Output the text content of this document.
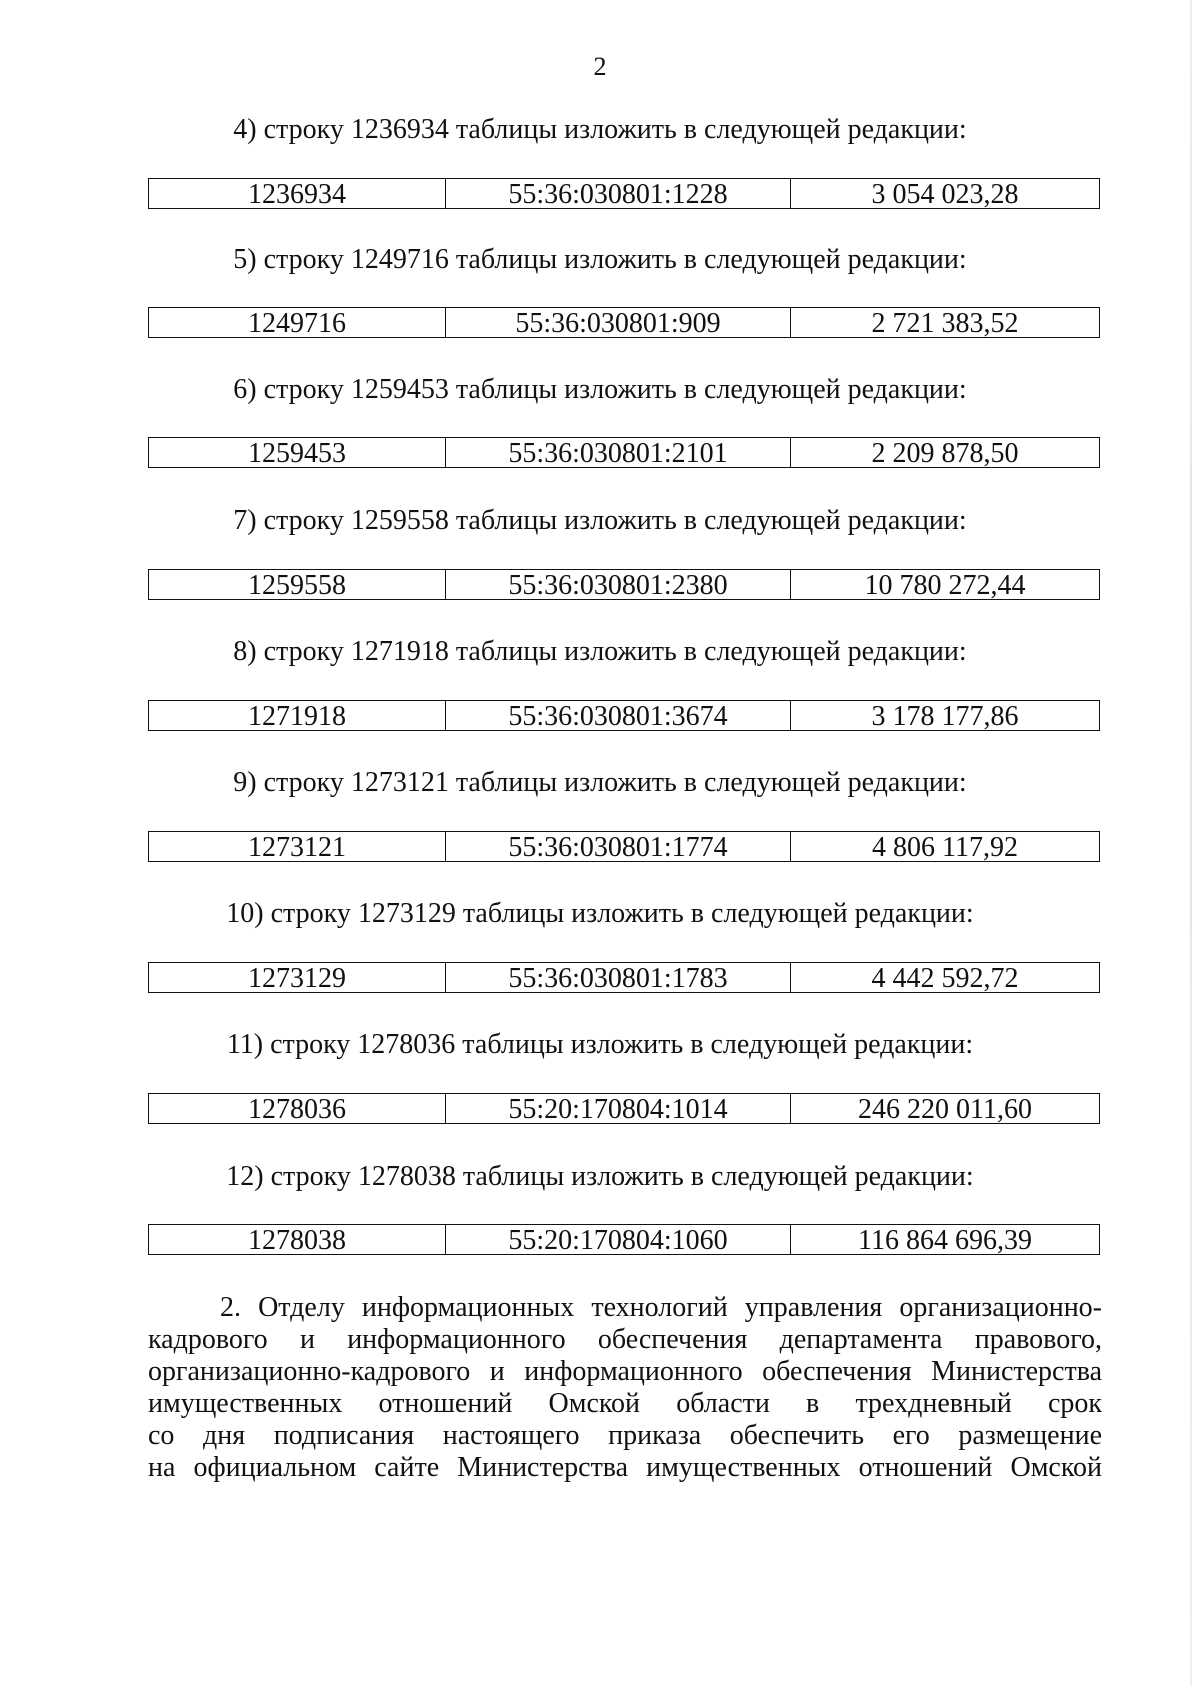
2
4) строку 1236934 таблицы изложить в следующей редакции:
1236934	55:36:030801:1228	3 054 023,28
5) строку 1249716 таблицы изложить в следующей редакции:
1249716	55:36:030801:909	2 721 383,52
6) строку 1259453 таблицы изложить в следующей редакции:
1259453	55:36:030801:2101	2 209 878,50
7) строку 1259558 таблицы изложить в следующей редакции:
1259558	55:36:030801:2380	10 780 272,44
8) строку 1271918 таблицы изложить в следующей редакции:
1271918	55:36:030801:3674	3 178 177,86
9) строку 1273121 таблицы изложить в следующей редакции:
1273121	55:36:030801:1774	4 806 117,92
10) строку 1273129 таблицы изложить в следующей редакции:
1273129	55:36:030801:1783	4 442 592,72
11) строку 1278036 таблицы изложить в следующей редакции:
1278036	55:20:170804:1014	246 220 011,60
12) строку 1278038 таблицы изложить в следующей редакции:
1278038	55:20:170804:1060	116 864 696,39
2. Отделу информационных технологий управления организационно-
кадрового и информационного обеспечения департамента правового,
организационно-кадрового и информационного обеспечения Министерства
имущественных отношений Омской области в трехдневный срок
со дня подписания настоящего приказа обеспечить его размещение
на официальном сайте Министерства имущественных отношений Омской
